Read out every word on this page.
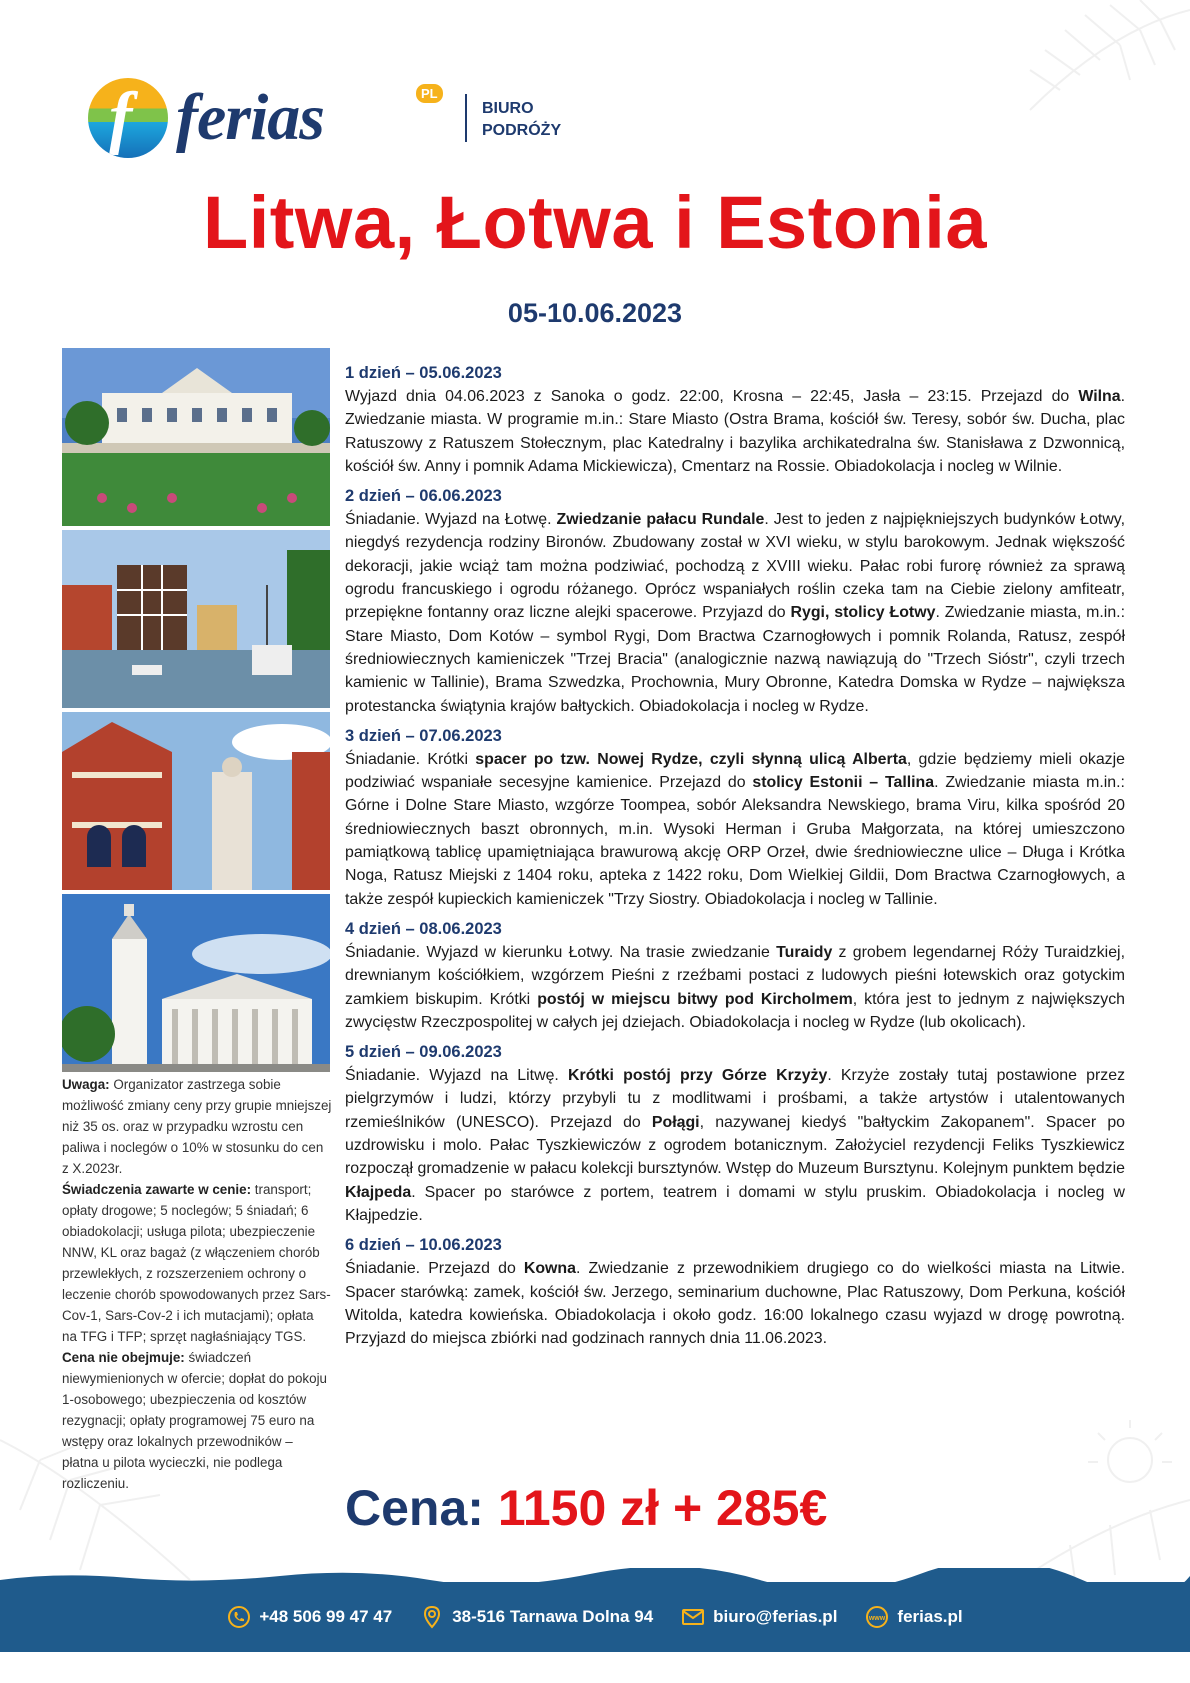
f ferias	PL
BIURO PODRÓŻY
Litwa, Łotwa i Estonia
05-10.06.2023

Uwaga: Organizator zastrzega sobie możliwość zmiany ceny przy grupie mniejszej niż 35 os. oraz w przypadku wzrostu cen paliwa i noclegów o 10% w stosunku do cen z X.2023r.

Świadczenia zawarte w cenie: transport; opłaty drogowe; 5 noclegów; 5 śniadań; 6 obiadokolacji; usługa pilota; ubezpieczenie NNW, KL oraz bagaż (z włączeniem chorób przewlekłych, z rozszerzeniem ochrony o leczenie chorób spowodowanych przez Sars-Cov-1, Sars-Cov-2 i ich mutacjami); opłata na TFG i TFP; sprzęt nagłaśniający TGS.

Cena nie obejmuje: świadczeń niewymienionych w ofercie; dopłat do pokoju 1-osobowego; ubezpieczenia od kosztów rezygnacji; opłaty programowej 75 euro na wstępy oraz lokalnych przewodników – płatna u pilota wycieczki, nie podlega rozliczeniu.

1 dzień – 05.06.2023
Wyjazd dnia 04.06.2023 z Sanoka o godz. 22:00, Krosna – 22:45, Jasła – 23:15. Przejazd do Wilna. Zwiedzanie miasta. W programie m.in.: Stare Miasto (Ostra Brama, kościół św. Teresy, sobór św. Ducha, plac Ratuszowy z Ratuszem Stołecznym, plac Katedralny i bazylika archikatedralna św. Stanisława z Dzwonnicą, kościół św. Anny i pomnik Adama Mickiewicza), Cmentarz na Rossie. Obiadokolacja i nocleg w Wilnie.
2 dzień – 06.06.2023
Śniadanie. Wyjazd na Łotwę. Zwiedzanie pałacu Rundale. Jest to jeden z najpiękniejszych budynków Łotwy, niegdyś rezydencja rodziny Bironów. Zbudowany został w XVI wieku, w stylu barokowym. Jednak większość dekoracji, jakie wciąż tam można podziwiać, pochodzą z XVIII wieku. Pałac robi furorę również za sprawą ogrodu francuskiego i ogrodu różanego. Oprócz wspaniałych roślin czeka tam na Ciebie zielony amfiteatr, przepiękne fontanny oraz liczne alejki spacerowe. Przyjazd do Rygi, stolicy Łotwy. Zwiedzanie miasta, m.in.: Stare Miasto, Dom Kotów – symbol Rygi, Dom Bractwa Czarnogłowych i pomnik Rolanda, Ratusz, zespół średniowiecznych kamieniczek "Trzej Bracia" (analogicznie nazwą nawiązują do "Trzech Sióstr", czyli trzech kamienic w Tallinie), Brama Szwedzka, Prochownia, Mury Obronne, Katedra Domska w Rydze – największa protestancka świątynia krajów bałtyckich. Obiadokolacja i nocleg w Rydze.
3 dzień – 07.06.2023
Śniadanie. Krótki spacer po tzw. Nowej Rydze, czyli słynną ulicą Alberta, gdzie będziemy mieli okazje podziwiać wspaniałe secesyjne kamienice. Przejazd do stolicy Estonii – Tallina. Zwiedzanie miasta m.in.: Górne i Dolne Stare Miasto, wzgórze Toompea, sobór Aleksandra Newskiego, brama Viru, kilka spośród 20 średniowiecznych baszt obronnych, m.in. Wysoki Herman i Gruba Małgorzata, na której umieszczono pamiątkową tablicę upamiętniająca brawurową akcję ORP Orzeł, dwie średniowieczne ulice – Długa i Krótka Noga, Ratusz Miejski z 1404 roku, apteka z 1422 roku, Dom Wielkiej Gildii, Dom Bractwa Czarnogłowych, a także zespół kupieckich kamieniczek "Trzy Siostry. Obiadokolacja i nocleg w Tallinie.
4 dzień – 08.06.2023
Śniadanie. Wyjazd w kierunku Łotwy. Na trasie zwiedzanie Turaidy z grobem legendarnej Róży Turaidzkiej, drewnianym kościółkiem, wzgórzem Pieśni z rzeźbami postaci z ludowych pieśni łotewskich oraz gotyckim zamkiem biskupim. Krótki postój w miejscu bitwy pod Kircholmem, która jest to jednym z największych zwycięstw Rzeczpospolitej w całych jej dziejach. Obiadokolacja i nocleg w Rydze (lub okolicach).
5 dzień – 09.06.2023
Śniadanie. Wyjazd na Litwę. Krótki postój przy Górze Krzyży. Krzyże zostały tutaj postawione przez pielgrzymów i ludzi, którzy przybyli tu z modlitwami i prośbami, a także artystów i utalentowanych rzemieślników (UNESCO). Przejazd do Połągi, nazywanej kiedyś "bałtyckim Zakopanem". Spacer po uzdrowisku i molo. Pałac Tyszkiewiczów z ogrodem botanicznym. Założyciel rezydencji Feliks Tyszkiewicz rozpoczął gromadzenie w pałacu kolekcji bursztynów. Wstęp do Muzeum Bursztynu. Kolejnym punktem będzie Kłajpeda. Spacer po starówce z portem, teatrem i domami w stylu pruskim. Obiadokolacja i nocleg w Kłajpedzie.
6 dzień – 10.06.2023
Śniadanie. Przejazd do Kowna. Zwiedzanie z przewodnikiem drugiego co do wielkości miasta na Litwie. Spacer starówką: zamek, kościół św. Jerzego, seminarium duchowne, Plac Ratuszowy, Dom Perkuna, kościół Witolda, katedra kowieńska. Obiadokolacja i około godz. 16:00 lokalnego czasu wyjazd w drogę powrotną. Przyjazd do miejsca zbiórki nad godzinach rannych dnia 11.06.2023.
Cena: 1150 zł + 285€
+48 506 99 47 47	38-516 Tarnawa Dolna 94	biuro@ferias.pl	www ferias.pl
